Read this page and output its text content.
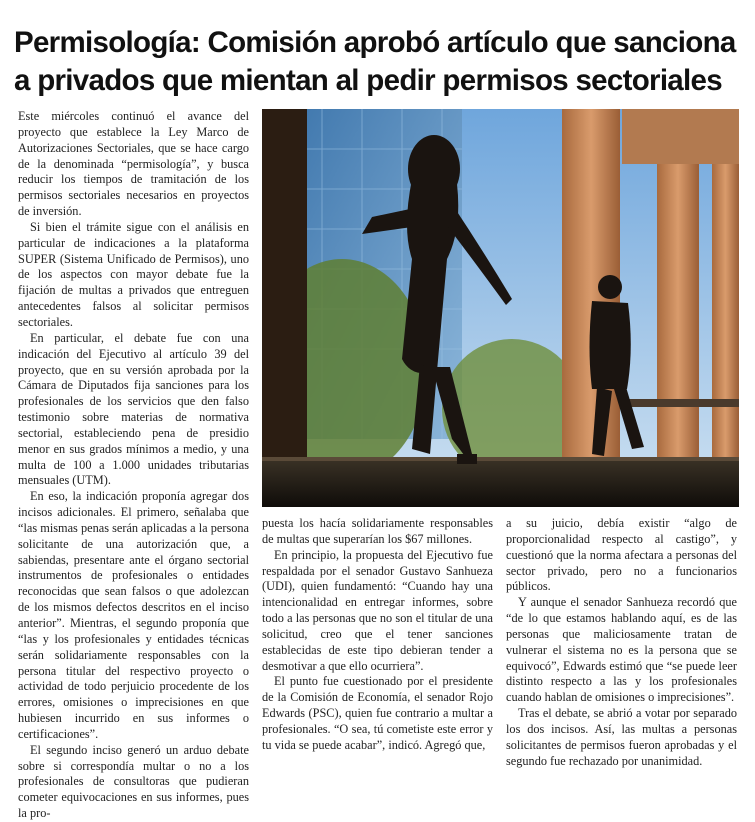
Permisología: Comisión aprobó artículo que sanciona
a privados que mientan al pedir permisos sectoriales

Este miércoles continuó el avance del proyecto que establece la Ley Marco de Autorizaciones Sectoriales, que se hace cargo de la denominada “permisología”, y busca reducir los tiempos de tramitación de los permisos sectoriales necesarios en proyectos de inversión.

Si bien el trámite sigue con el análisis en particular de indicaciones a la plataforma SUPER (Sistema Unificado de Permisos), uno de los aspectos con mayor debate fue la fijación de multas a privados que entreguen antecedentes falsos al solicitar permisos sectoriales.

En particular, el debate fue con una indicación del Ejecutivo al artículo 39 del proyecto, que en su versión aprobada por la Cámara de Diputados fija sanciones para los profesionales de los servicios que den falso testimonio sobre materias de normativa sectorial, estableciendo pena de presidio menor en sus grados mínimos a medio, y una multa de 100 a 1.000 unidades tributarias mensuales (UTM).

En eso, la indicación proponía agregar dos incisos adicionales. El primero, señalaba que “las mismas penas serán aplicadas a la persona solicitante de una autorización que, a sabiendas, presentare ante el órgano sectorial instrumentos de profesionales o entidades reconocidas que sean falsos o que adolezcan de los mismos defectos descritos en el inciso anterior”. Mientras, el segundo proponía que “las y los profesionales y entidades técnicas serán solidariamente responsables con la persona titular del respectivo proyecto o actividad de todo perjuicio procedente de los errores, omisiones o imprecisiones en que hubiesen incurrido en sus informes o certificaciones”.

El segundo inciso generó un arduo debate sobre si correspondía multar o no a los profesionales de consultoras que pudieran cometer equivocaciones en sus informes, pues la pro-

puesta los hacía solidariamente responsables de multas que superarían los $67 millones.

En principio, la propuesta del Ejecutivo fue respaldada por el senador Gustavo Sanhueza (UDI), quien fundamentó: “Cuando hay una intencionalidad en entregar informes, sobre todo a las personas que no son el titular de una solicitud, creo que el tener sanciones establecidas de este tipo debieran tender a desmotivar a que ello ocurriera”.

El punto fue cuestionado por el presidente de la Comisión de Economía, el senador Rojo Edwards (PSC), quien fue contrario a multar a profesionales. “O sea, tú cometiste este error y tu vida se puede acabar”, indicó. Agregó que,

a su juicio, debía existir “algo de proporcionalidad respecto al castigo”, y cuestionó que la norma afectara a personas del sector privado, pero no a funcionarios públicos.

Y aunque el senador Sanhueza recordó que “de lo que estamos hablando aquí, es de las personas que maliciosamente tratan de vulnerar el sistema no es la persona que se equivocó”, Edwards estimó que “se puede leer distinto respecto a las y los profesionales cuando hablan de omisiones o imprecisiones”.

Tras el debate, se abrió a votar por separado los dos incisos. Así, las multas a personas solicitantes de permisos fueron aprobadas y el segundo fue rechazado por unanimidad.
